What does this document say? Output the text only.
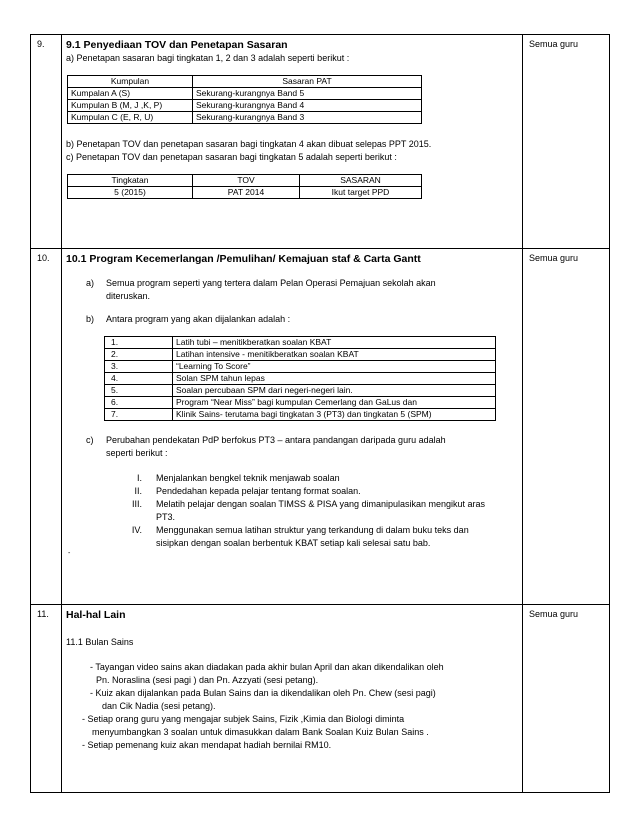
9.	9.1 Penyediaan TOV dan Penetapan Sasaran

a) Penetapan sasaran bagi tingkatan 1, 2 dan 3 adalah seperti berikut :

Kumpulan	Sasaran PAT
Kumpalan A (S)	Sekurang-kurangnya Band 5
Kumpulan B (M, J ,K, P)	Sekurang-kurangnya Band 4
Kumpulan C (E, R, U)	Sekurang-kurangnya Band 3

b) Penetapan TOV dan penetapan sasaran bagi tingkatan 4 akan dibuat selepas PPT 2015.

c) Penetapan TOV dan penetapan sasaran bagi tingkatan 5 adalah seperti berikut :

Tingkatan	TOV	SASARAN
5 (2015)	PAT 2014	Ikut target PPD
	Semua guru
10.	10.1 Program Kecemerlangan /Pemulihan/ Kemajuan staf & Carta Gantt
a)	Semua program seperti yang tertera dalam Pelan Operasi Pemajuan sekolah akan
diteruskan.
b)	Antara program yang akan dijalankan adalah :
1.	Latih tubi – menitikberatkan soalan KBAT
2.	Latihan intensive - menitikberatkan soalan KBAT
3.	“Learning To Score”
4.	Solan SPM tahun lepas
5.	Soalan percubaan SPM dari negeri-negeri lain.
6.	Program “Near Miss” bagi kumpulan Cemerlang dan GaLus dan
7.	Klinik Sains- terutama bagi tingkatan 3 (PT3) dan tingkatan 5 (SPM)
c)	Perubahan pendekatan PdP berfokus PT3 – antara pandangan daripada guru adalah
seperti berikut :
I.	Menjalankan bengkel teknik menjawab soalan
II.	Pendedahan kepada pelajar tentang format soalan.
III.	Melatih pelajar dengan soalan TIMSS & PISA yang dimanipulasikan mengikut aras
PT3.
IV.	Menggunakan semua latihan struktur yang terkandung di dalam buku teks dan
sisipkan dengan soalan berbentuk KBAT setiap kali selesai satu bab.
-
	Semua guru
11.	Hal-hal Lain

11.1 Bulan Sains

- Tayangan video sains akan diadakan pada akhir bulan April dan akan dikendalikan oleh
Pn. Noraslina (sesi pagi ) dan Pn. Azzyati (sesi petang).
- Kuiz akan dijalankan pada Bulan Sains dan ia dikendalikan oleh Pn. Chew (sesi pagi)
dan Cik Nadia (sesi petang).
- Setiap orang guru yang mengajar subjek Sains, Fizik ,Kimia dan Biologi diminta
menyumbangkan 3 soalan untuk dimasukkan dalam Bank Soalan Kuiz Bulan Sains .
- Setiap pemenang kuiz akan mendapat hadiah bernilai RM10.
	Semua guru
